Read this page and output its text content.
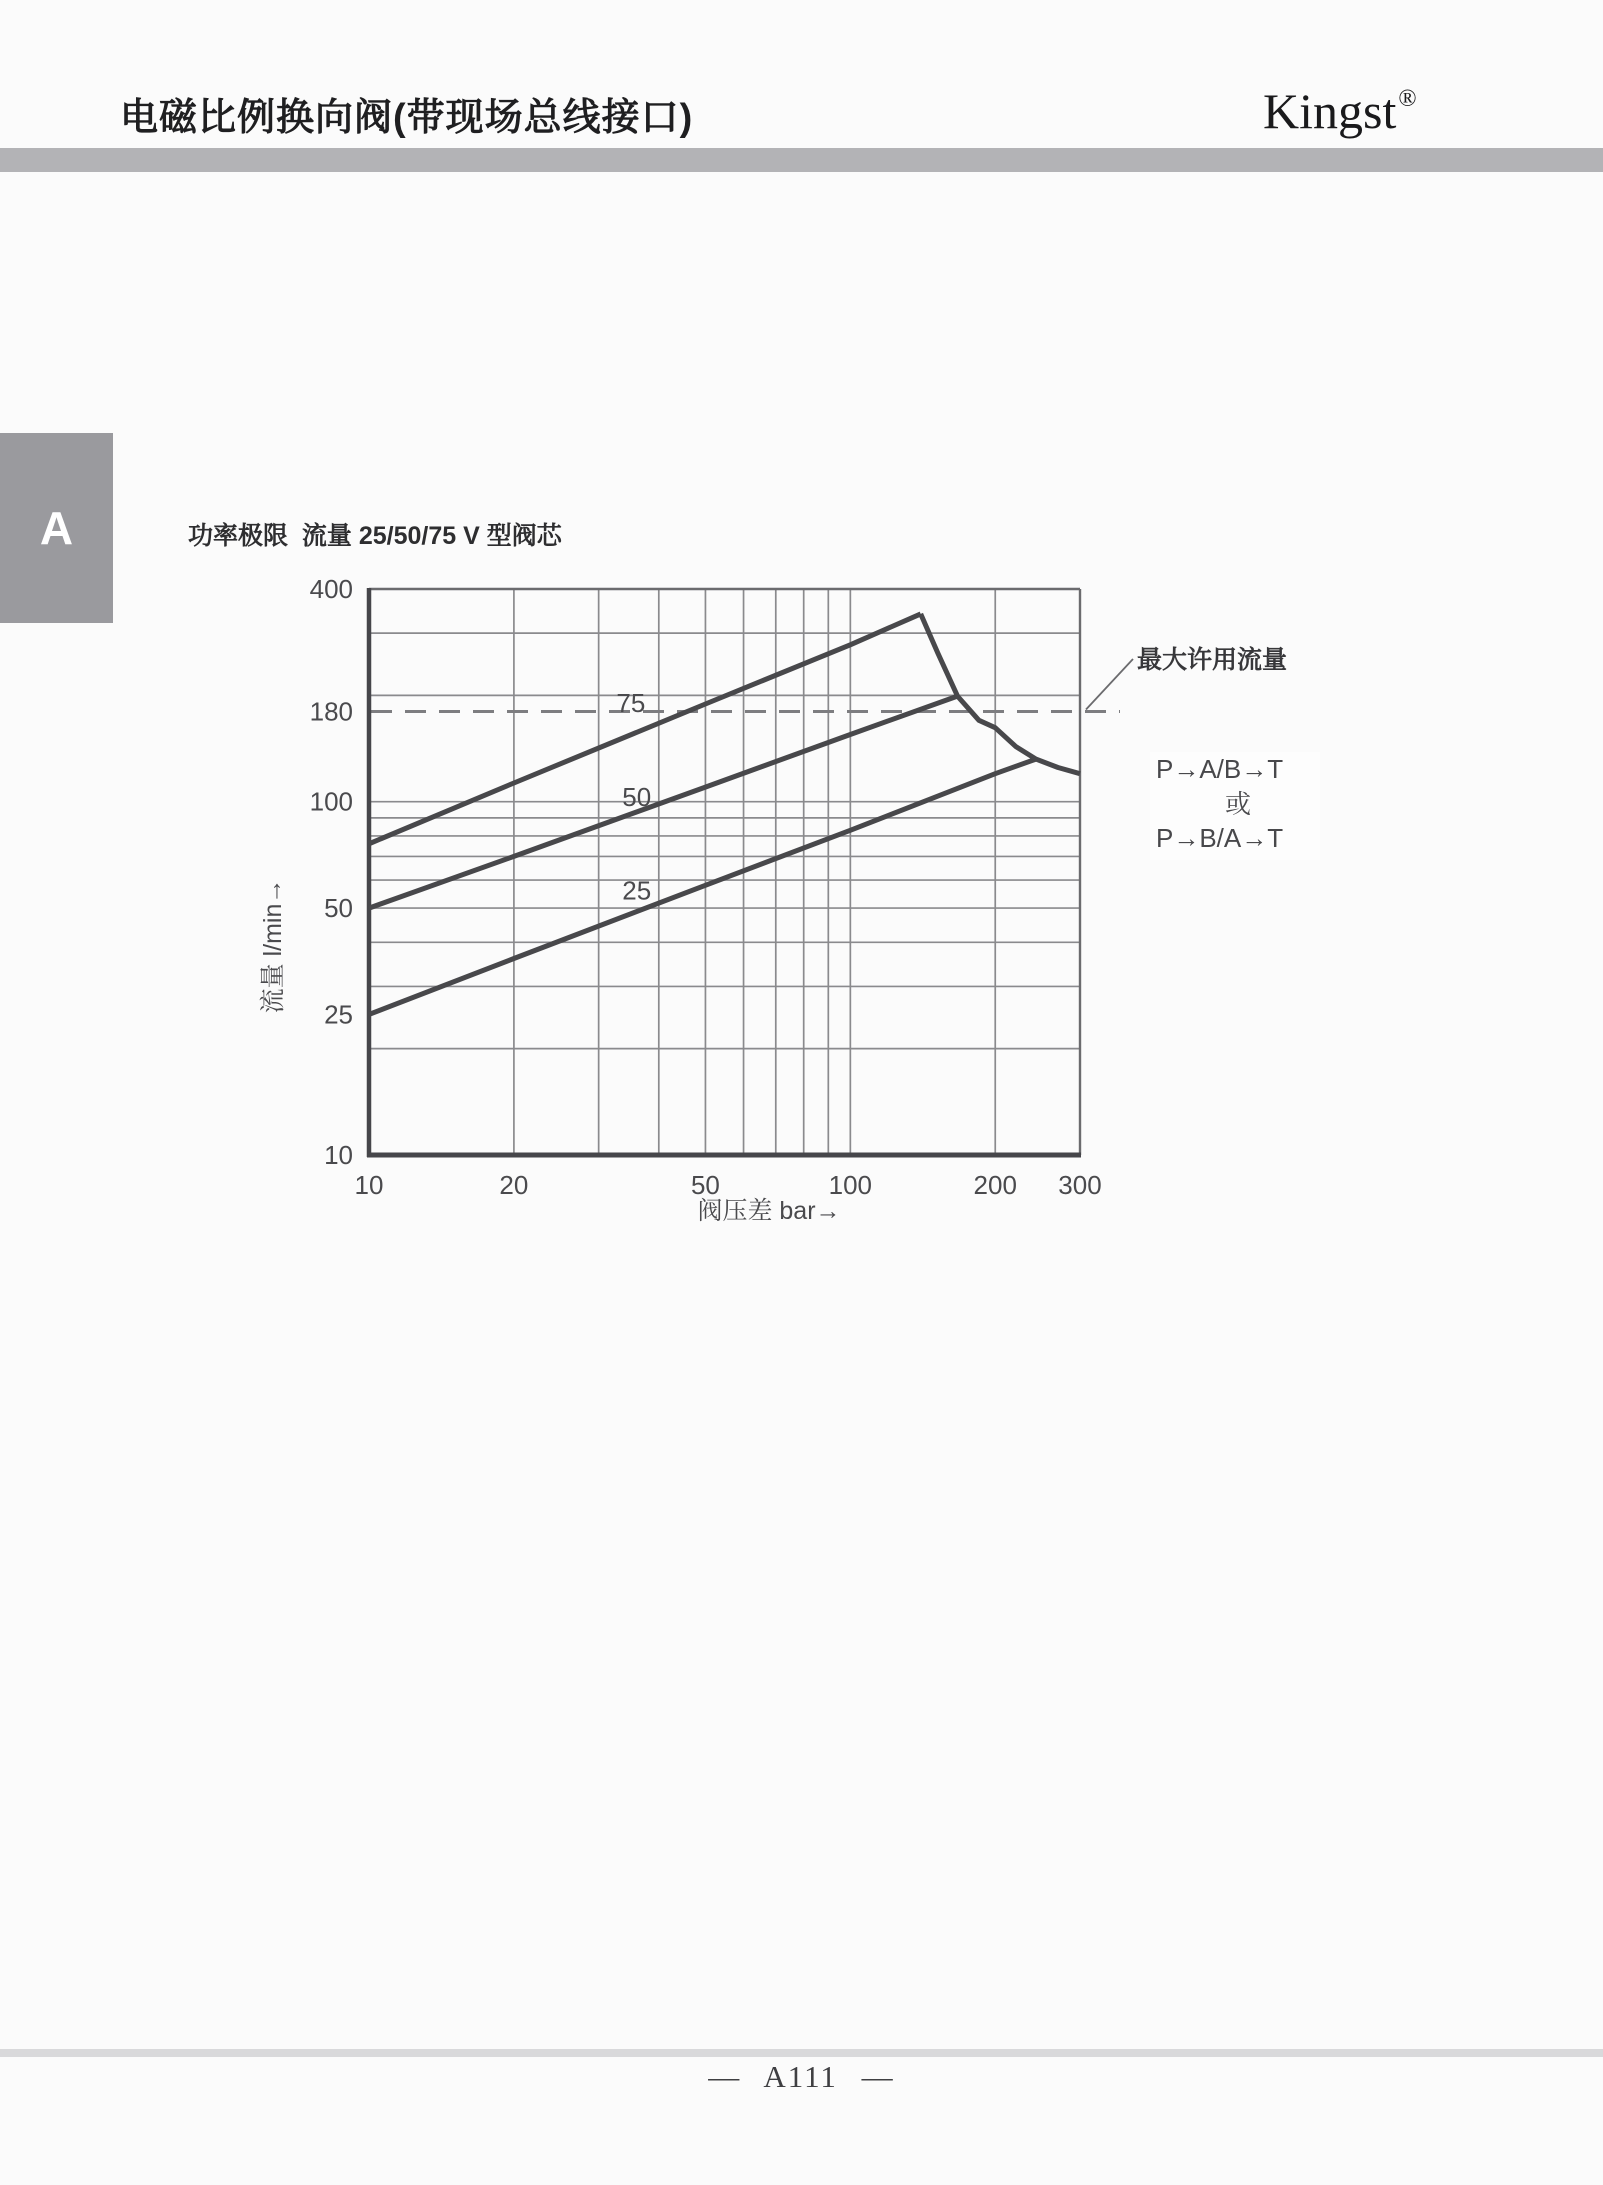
电磁比例换向阀(带现场总线接口)	Kingst®
A	功率极限  流量 25/50/75 V 型阀芯
400
180
100
50
25
10
10	20	50	100	200 300
75
50
25
阀压差 bar→
流量 l/min→
最大许用流量
P→A/B→T
或
P→B/A→T
— A111 —
